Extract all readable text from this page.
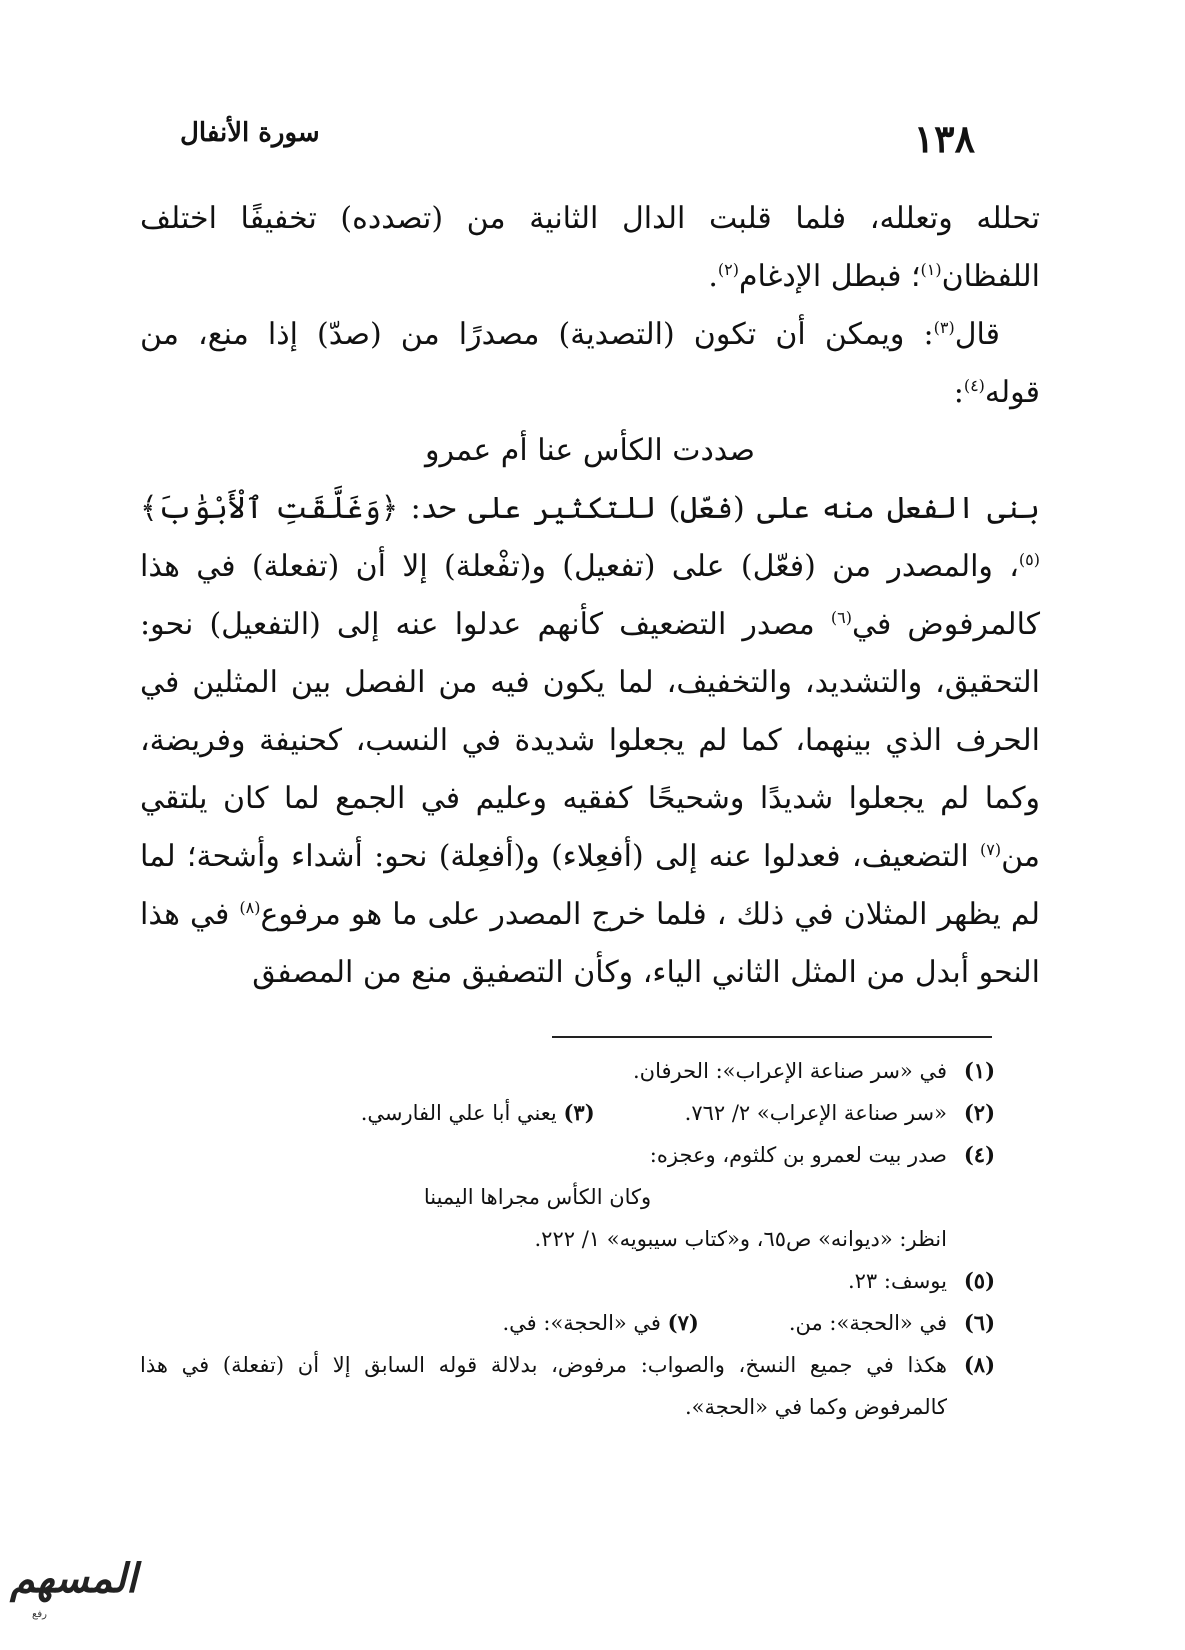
١٣٨
سورة الأنفال

تحلله وتعلله، فلما قلبت الدال الثانية من (تصدده) تخفيفًا اختلف اللفظان$^{(١)}$؛ فبطل الإدغام$^{(٢)}$.

قال$^{(٣)}$: ويمكن أن تكون (التصدية) مصدرًا من (صدّ) إذا منع، من قوله$^{(٤)}$:

صددت الكأس عنا أم عمرو

بنى الفعل منه على (فعّل) للتكثير على حد: ﴿وَغَلَّقَتِ ٱلْأَبْوَٰبَ﴾$^{(٥)}$، والمصدر من (فعّل) على (تفعيل) و(تفْعلة) إلا أن (تفعلة) في هذا كالمرفوض في$^{(٦)}$ مصدر التضعيف كأنهم عدلوا عنه إلى (التفعيل) نحو: التحقيق، والتشديد، والتخفيف، لما يكون فيه من الفصل بين المثلين في الحرف الذي بينهما، كما لم يجعلوا شديدة في النسب، كحنيفة وفريضة، وكما لم يجعلوا شديدًا وشحيحًا كفقيه وعليم في الجمع لما كان يلتقي من$^{(٧)}$ التضعيف، فعدلوا عنه إلى (أفعِلاء) و(أفعِلة) نحو: أشداء وأشحة؛ لما لم يظهر المثلان في ذلك ، فلما خرج المصدر على ما هو مرفوع$^{(٨)}$ في هذا النحو أبدل من المثل الثاني الياء، وكأن التصفيق منع من المصفق

(١)
في «سر صناعة الإعراب»: الحرفان.

(٢)
«سر صناعة الإعراب» ٢/ ٧٦٢.
(٣) يعني أبا علي الفارسي.

(٤)
صدر بيت لعمرو بن كلثوم، وعجزه:

وكان الكأس مجراها اليمينا

انظر: «ديوانه» ص٦٥، و«كتاب سيبويه» ١/ ٢٢٢.

(٥)
يوسف: ٢٣.

(٦)
في «الحجة»: من.
(٧) في «الحجة»: في.

(٨)
هكذا في جميع النسخ، والصواب: مرفوض، بدلالة قوله السابق إلا أن (تفعلة) في هذا كالمرفوض وكما في «الحجة».

المسهم
رفع
